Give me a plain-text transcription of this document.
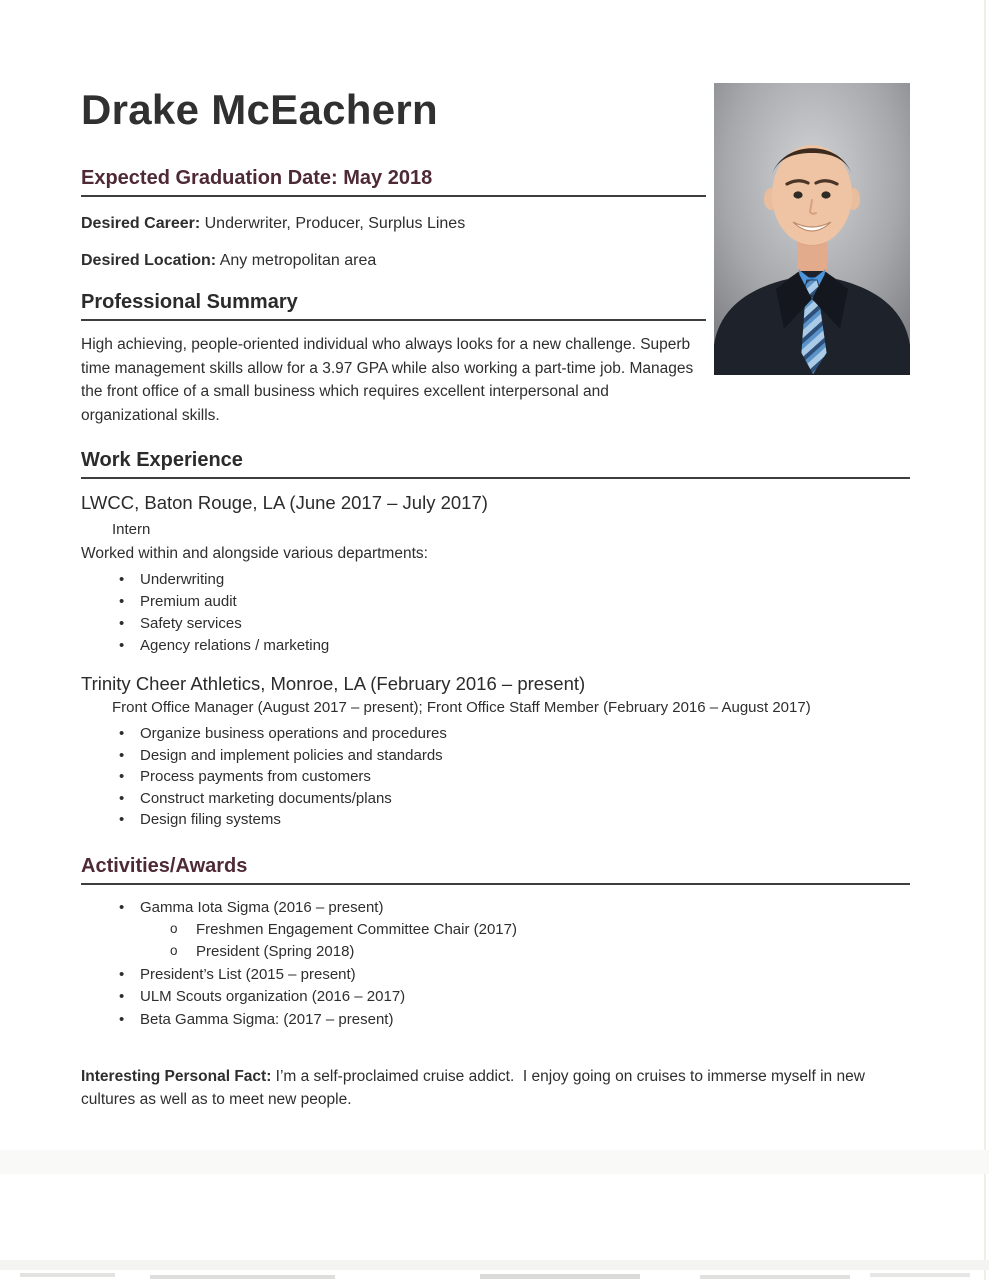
Drake McEachern
Expected Graduation Date: May 2018

Desired Career: Underwriter, Producer, Surplus Lines

Desired Location: Any metropolitan area

Professional Summary

High achieving, people-oriented individual who always looks for a new challenge. Superb time management skills allow for a 3.97 GPA while also working a part-time job. Manages the front office of a small business which requires excellent interpersonal and organizational skills.

Work Experience
LWCC, Baton Rouge, LA (June 2017 – July 2017)
Intern
Worked within and alongside various departments:
• Underwriting
• Premium audit
• Safety services
• Agency relations / marketing
Trinity Cheer Athletics, Monroe, LA (February 2016 – present)
Front Office Manager (August 2017 – present); Front Office Staff Member (February 2016 – August 2017)
• Organize business operations and procedures
• Design and implement policies and standards
• Process payments from customers
• Construct marketing documents/plans
• Design filing systems
Activities/Awards
• Gamma Iota Sigma (2016 – present)
o Freshmen Engagement Committee Chair (2017)
o President (Spring 2018)
• President’s List (2015 – present)
• ULM Scouts organization (2016 – 2017)
• Beta Gamma Sigma: (2017 – present)

Interesting Personal Fact: I’m a self-proclaimed cruise addict.  I enjoy going on cruises to immerse myself in new cultures as well as to meet new people.
